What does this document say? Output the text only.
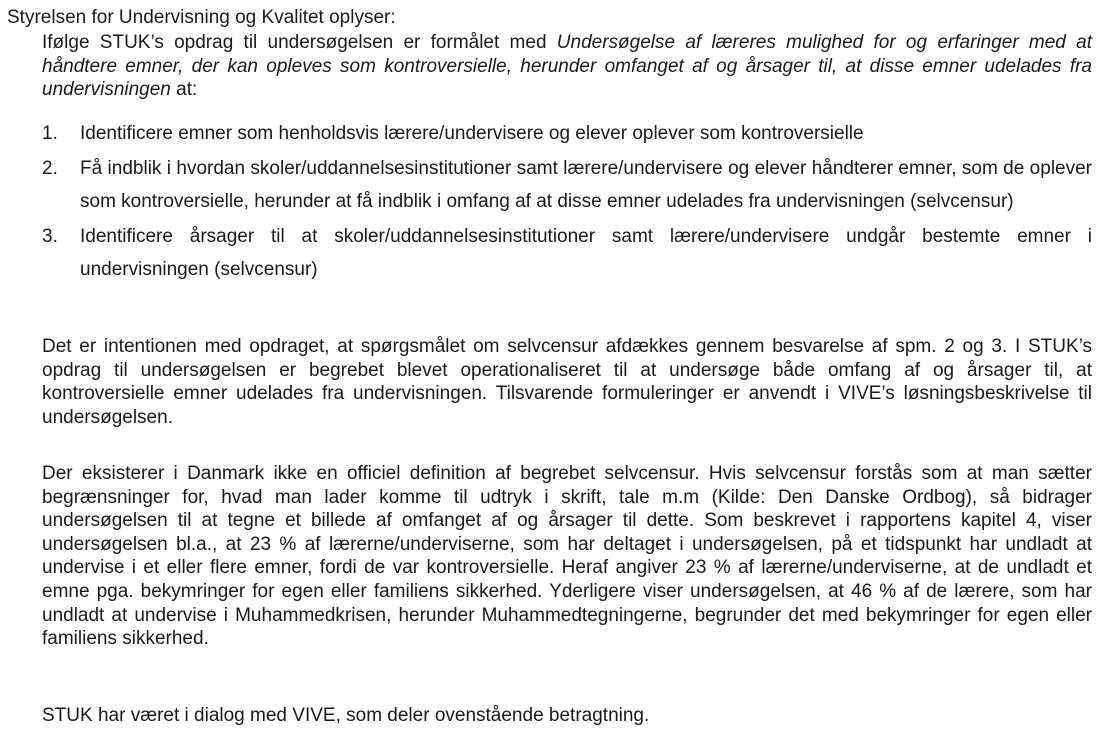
Styrelsen for Undervisning og Kvalitet oplyser:
Ifølge STUK’s opdrag til undersøgelsen er formålet med Undersøgelse af læreres mulighed for og erfaringer med at håndtere emner, der kan opleves som kontroversielle, herunder omfanget af og årsager til, at disse emner udelades fra undervisningen at:
1. Identificere emner som henholdsvis lærere/undervisere og elever oplever som kontroversielle
2. Få indblik i hvordan skoler/uddannelsesinstitutioner samt lærere/undervisere og elever håndterer emner, som de oplever som kontroversielle, herunder at få indblik i omfang af at disse emner udelades fra undervisningen (selvcensur)
3. Identificere årsager til at skoler/uddannelsesinstitutioner samt lærere/undervisere undgår bestemte emner i undervisningen (selvcensur)
Det er intentionen med opdraget, at spørgsmålet om selvcensur afdækkes gennem besvarelse af spm. 2 og 3. I STUK’s opdrag til undersøgelsen er begrebet blevet operationaliseret til at undersøge både omfang af og årsager til, at kontroversielle emner udelades fra undervisningen. Tilsvarende formuleringer er anvendt i VIVE’s løsningsbeskrivelse til undersøgelsen.
Der eksisterer i Danmark ikke en officiel definition af begrebet selvcensur. Hvis selvcensur forstås som at man sætter begrænsninger for, hvad man lader komme til udtryk i skrift, tale m.m (Kilde: Den Danske Ordbog), så bidrager undersøgelsen til at tegne et billede af omfanget af og årsager til dette. Som beskrevet i rapportens kapitel 4, viser undersøgelsen bl.a., at 23 % af lærerne/underviserne, som har deltaget i undersøgelsen, på et tidspunkt har undladt at undervise i et eller flere emner, fordi de var kontroversielle. Heraf angiver 23 % af lærerne/underviserne, at de undladt et emne pga. bekymringer for egen eller familiens sikkerhed. Yderligere viser undersøgelsen, at 46 % af de lærere, som har undladt at undervise i Muhammedkrisen, herunder Muhammedtegningerne, begrunder det med bekymringer for egen eller familiens sikkerhed.
STUK har været i dialog med VIVE, som deler ovenstående betragtning.
